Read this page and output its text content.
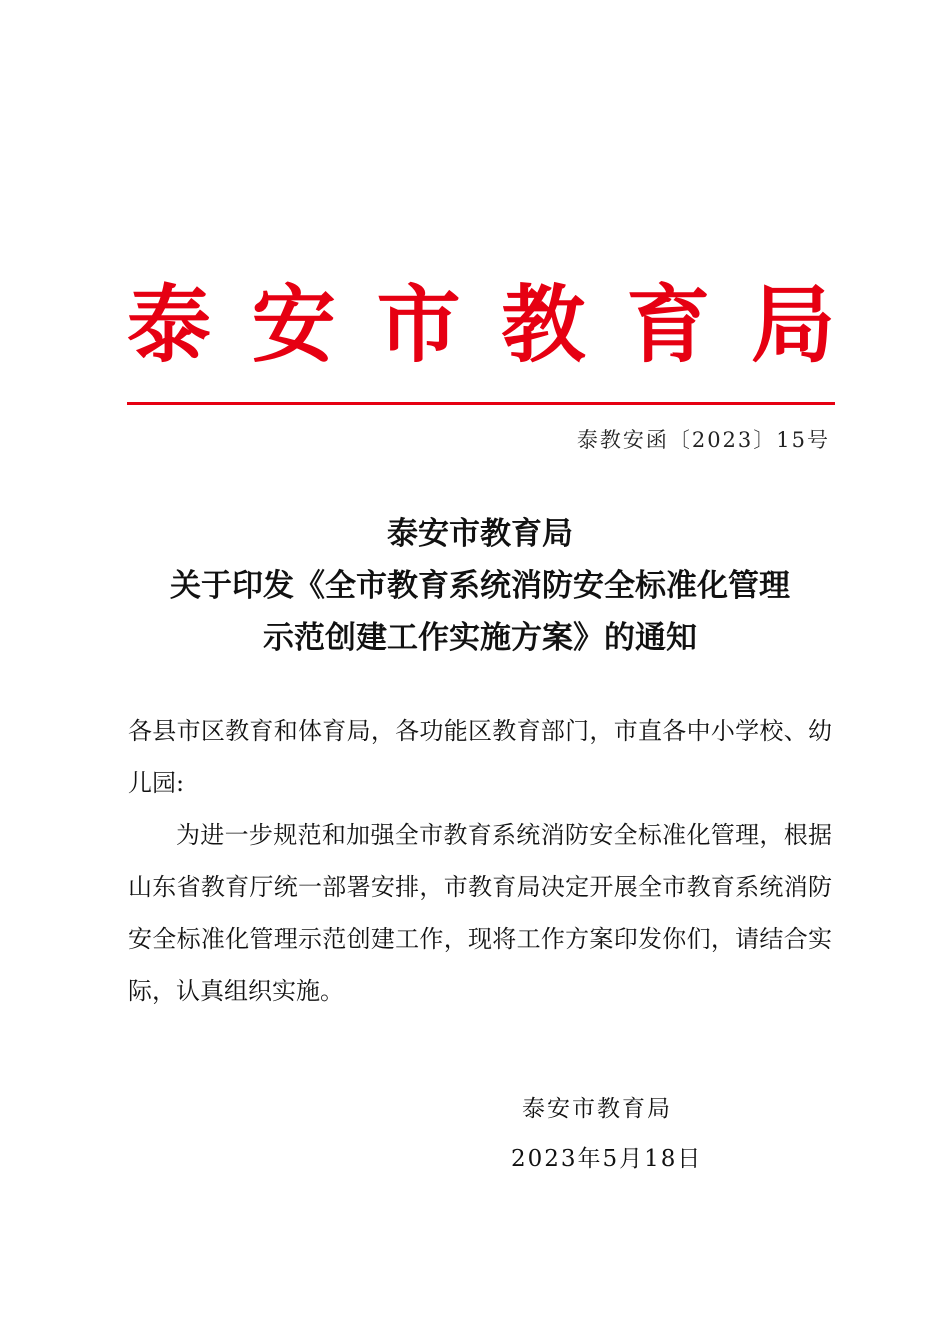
泰 安 市 教 育 局
泰教安函〔2023〕15号
泰安市教育局
关于印发《全市教育系统消防安全标准化管理
示范创建工作实施方案》的通知

各县市区教育和体育局，各功能区教育部门，市直各中小学校、幼儿园:

为进一步规范和加强全市教育系统消防安全标准化管理，根据山东省教育厅统一部署安排，市教育局决定开展全市教育系统消防安全标准化管理示范创建工作，现将工作方案印发你们，请结合实际，认真组织实施。

泰安市教育局
2023年5月18日
